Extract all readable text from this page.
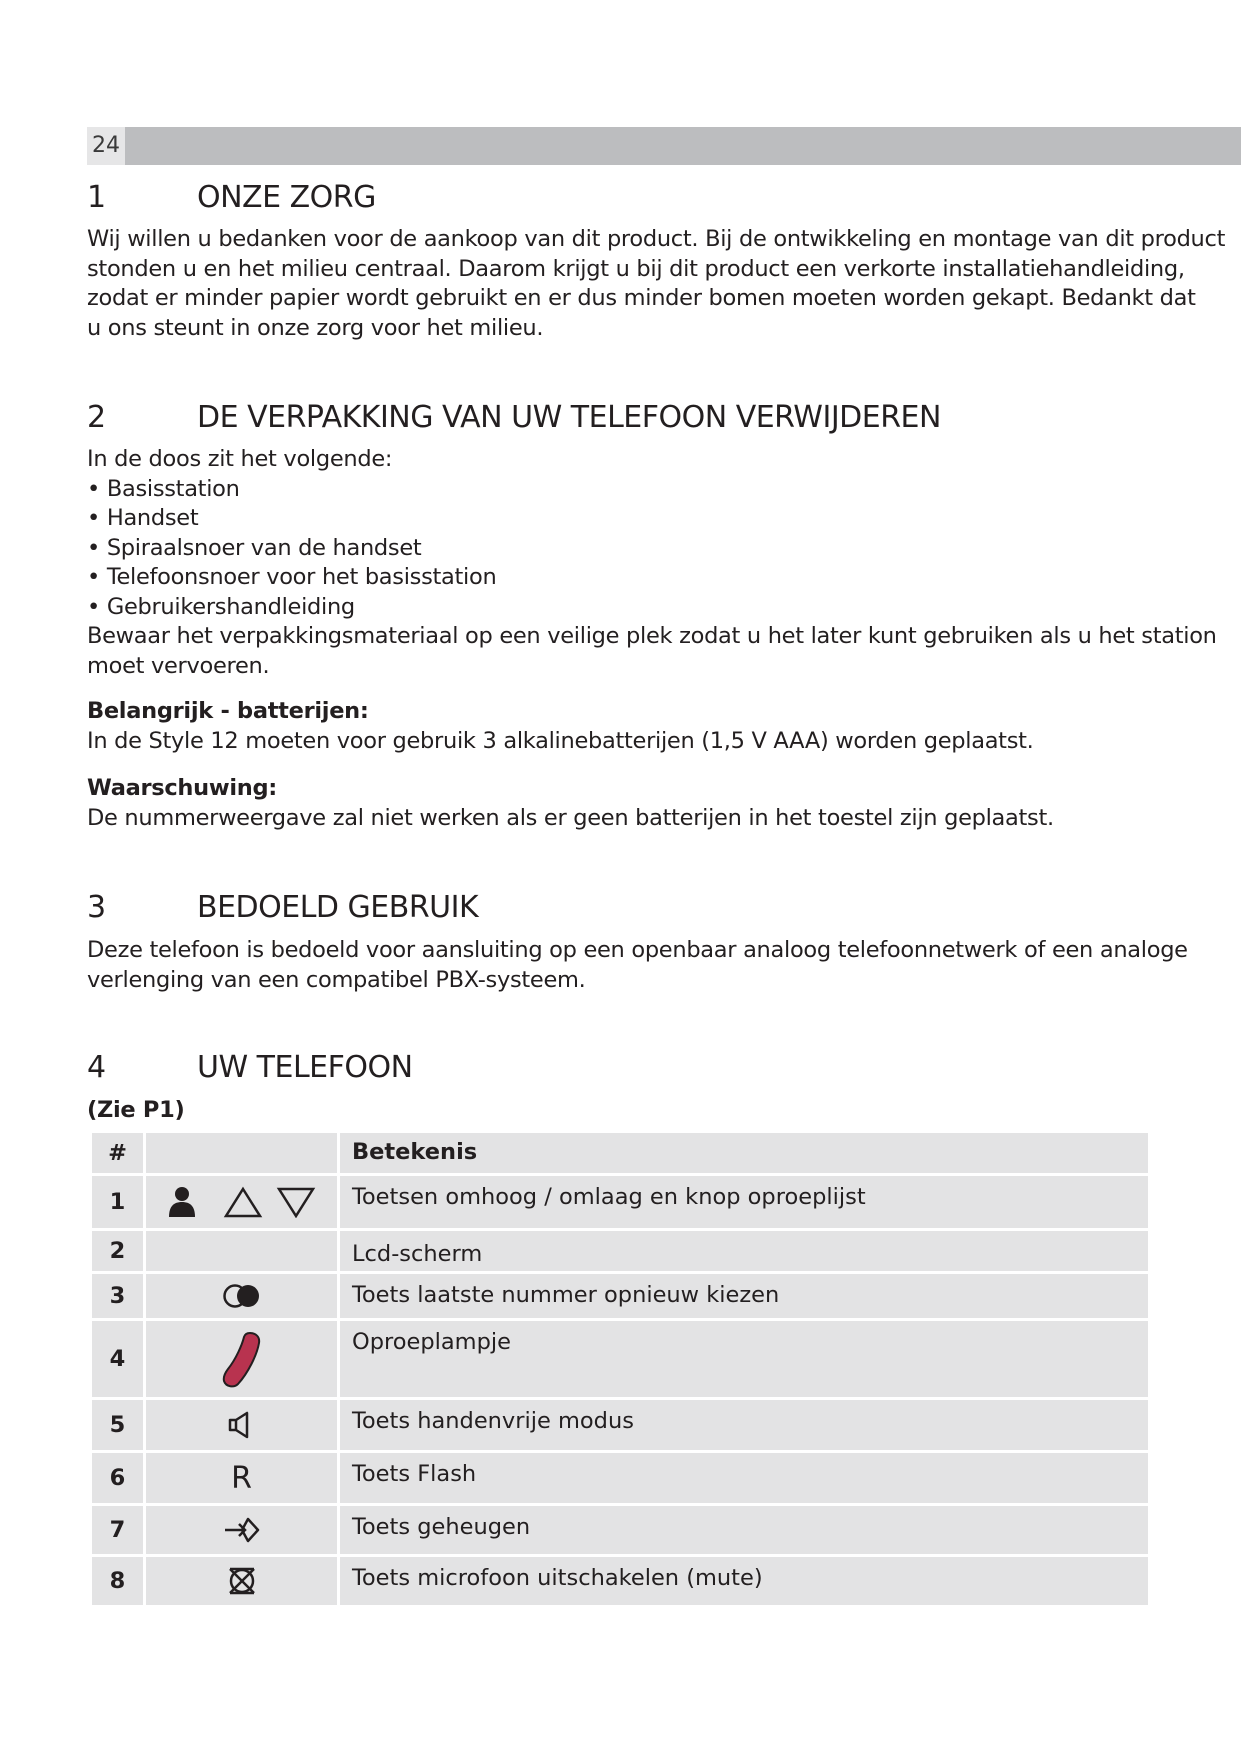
24
1	ONZE ZORG
Wij willen u bedanken voor de aankoop van dit product. Bij de ontwikkeling en montage van dit product
stonden u en het milieu centraal. Daarom krijgt u bij dit product een verkorte installatiehandleiding,
zodat er minder papier wordt gebruikt en er dus minder bomen moeten worden gekapt. Bedankt dat
u ons steunt in onze zorg voor het milieu.
2	DE VERPAKKING VAN UW TELEFOON VERWIJDEREN
In de doos zit het volgende:
• Basisstation
• Handset
• Spiraalsnoer van de handset
• Telefoonsnoer voor het basisstation
• Gebruikershandleiding
Bewaar het verpakkingsmateriaal op een veilige plek zodat u het later kunt gebruiken als u het station
moet vervoeren.
Belangrijk - batterijen:
In de Style 12 moeten voor gebruik 3 alkalinebatterijen (1,5 V AAA) worden geplaatst.
Waarschuwing:
De nummerweergave zal niet werken als er geen batterijen in het toestel zijn geplaatst.
3	BEDOELD GEBRUIK
Deze telefoon is bedoeld voor aansluiting op een openbaar analoog telefoonnetwerk of een analoge
verlenging van een compatibel PBX-systeem.
4	UW TELEFOON
(Zie P1)
#		Betekenis
1		Toetsen omhoog / omlaag en knop oproeplijst
2		Lcd-scherm
3		Toets laatste nummer opnieuw kiezen
4		Oproeplampje
5		Toets handenvrije modus
6	R	Toets Flash
7		Toets geheugen
8		Toets microfoon uitschakelen (mute)
